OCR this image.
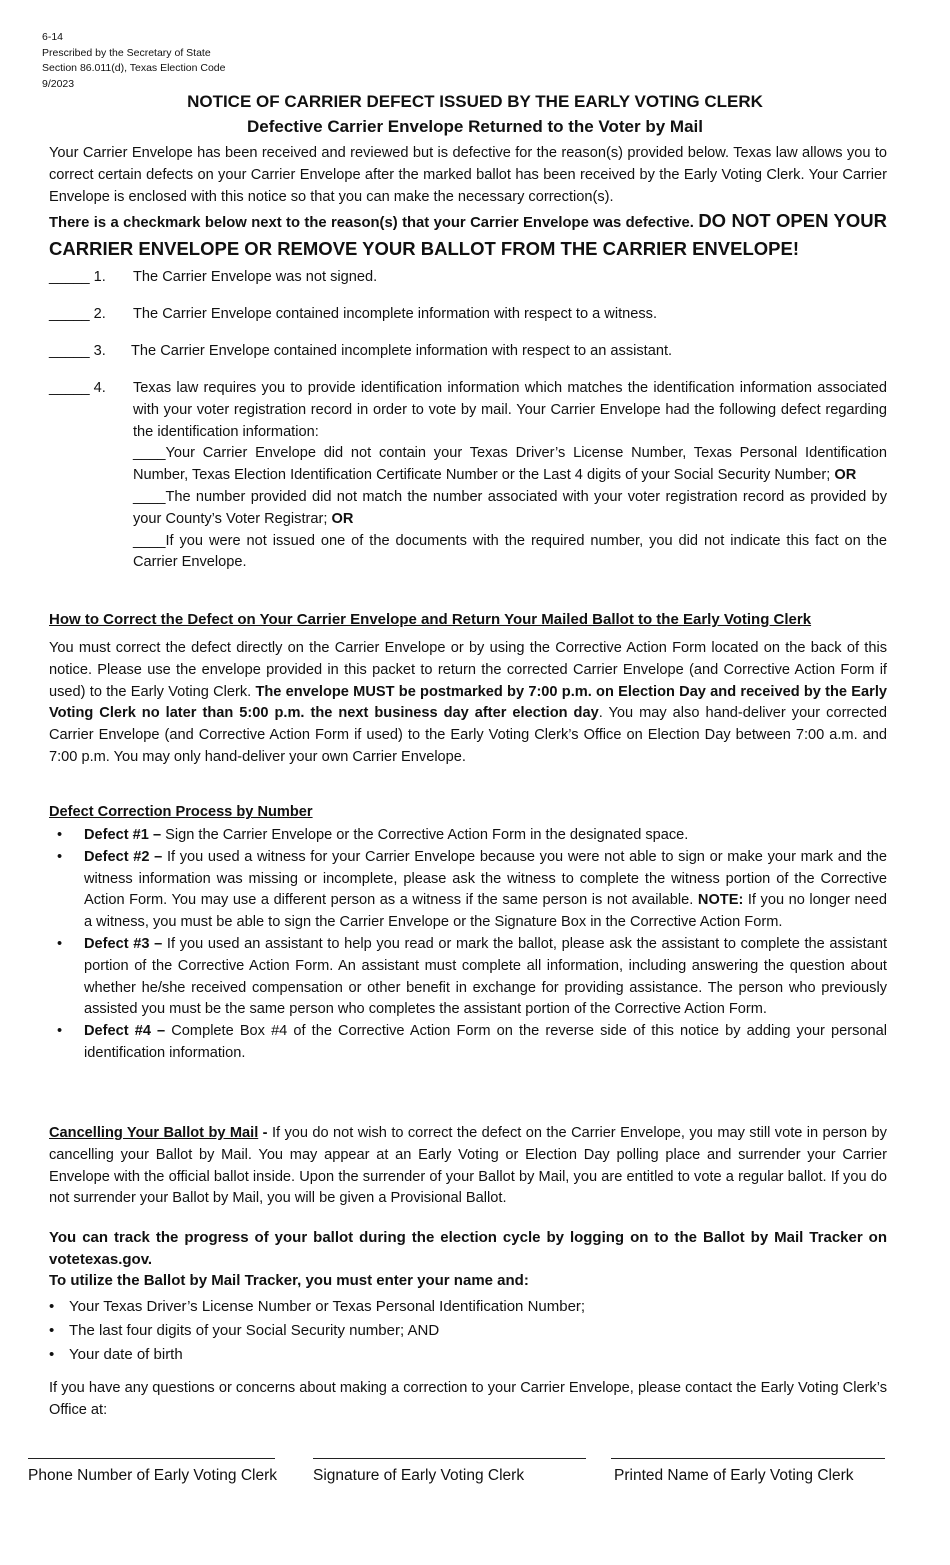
6-14
Prescribed by the Secretary of State
Section 86.011(d), Texas Election Code
9/2023
NOTICE OF CARRIER DEFECT ISSUED BY THE EARLY VOTING CLERK
Defective Carrier Envelope Returned to the Voter by Mail
Your Carrier Envelope has been received and reviewed but is defective for the reason(s) provided below. Texas law allows you to correct certain defects on your Carrier Envelope after the marked ballot has been received by the Early Voting Clerk. Your Carrier Envelope is enclosed with this notice so that you can make the necessary correction(s).
There is a checkmark below next to the reason(s) that your Carrier Envelope was defective. DO NOT OPEN YOUR CARRIER ENVELOPE OR REMOVE YOUR BALLOT FROM THE CARRIER ENVELOPE!
_____ 1. The Carrier Envelope was not signed.
_____ 2. The Carrier Envelope contained incomplete information with respect to a witness.
_____ 3. The Carrier Envelope contained incomplete information with respect to an assistant.
_____ 4. Texas law requires you to provide identification information which matches the identification information associated with your voter registration record in order to vote by mail. Your Carrier Envelope had the following defect regarding the identification information:
____Your Carrier Envelope did not contain your Texas Driver’s License Number, Texas Personal Identification Number, Texas Election Identification Certificate Number or the Last 4 digits of your Social Security Number; OR
____The number provided did not match the number associated with your voter registration record as provided by your County’s Voter Registrar; OR
____If you were not issued one of the documents with the required number, you did not indicate this fact on the Carrier Envelope.
How to Correct the Defect on Your Carrier Envelope and Return Your Mailed Ballot to the Early Voting Clerk
You must correct the defect directly on the Carrier Envelope or by using the Corrective Action Form located on the back of this notice. Please use the envelope provided in this packet to return the corrected Carrier Envelope (and Corrective Action Form if used) to the Early Voting Clerk. The envelope MUST be postmarked by 7:00 p.m. on Election Day and received by the Early Voting Clerk no later than 5:00 p.m. the next business day after election day. You may also hand-deliver your corrected Carrier Envelope (and Corrective Action Form if used) to the Early Voting Clerk’s Office on Election Day between 7:00 a.m. and 7:00 p.m. You may only hand-deliver your own Carrier Envelope.
Defect Correction Process by Number
• Defect #1 – Sign the Carrier Envelope or the Corrective Action Form in the designated space.
• Defect #2 – If you used a witness for your Carrier Envelope because you were not able to sign or make your mark and the witness information was missing or incomplete, please ask the witness to complete the witness portion of the Corrective Action Form. You may use a different person as a witness if the same person is not available. NOTE: If you no longer need a witness, you must be able to sign the Carrier Envelope or the Signature Box in the Corrective Action Form.
• Defect #3 – If you used an assistant to help you read or mark the ballot, please ask the assistant to complete the assistant portion of the Corrective Action Form. An assistant must complete all information, including answering the question about whether he/she received compensation or other benefit in exchange for providing assistance. The person who previously assisted you must be the same person who completes the assistant portion of the Corrective Action Form.
• Defect #4 – Complete Box #4 of the Corrective Action Form on the reverse side of this notice by adding your personal identification information.
Cancelling Your Ballot by Mail - If you do not wish to correct the defect on the Carrier Envelope, you may still vote in person by cancelling your Ballot by Mail. You may appear at an Early Voting or Election Day polling place and surrender your Carrier Envelope with the official ballot inside. Upon the surrender of your Ballot by Mail, you are entitled to vote a regular ballot. If you do not surrender your Ballot by Mail, you will be given a Provisional Ballot.
You can track the progress of your ballot during the election cycle by logging on to the Ballot by Mail Tracker on votetexas.gov.
To utilize the Ballot by Mail Tracker, you must enter your name and:
• Your Texas Driver’s License Number or Texas Personal Identification Number;
• The last four digits of your Social Security number; AND
• Your date of birth
If you have any questions or concerns about making a correction to your Carrier Envelope, please contact the Early Voting Clerk’s Office at:
Phone Number of Early Voting Clerk Signature of Early Voting Clerk	Printed Name of Early Voting Clerk
